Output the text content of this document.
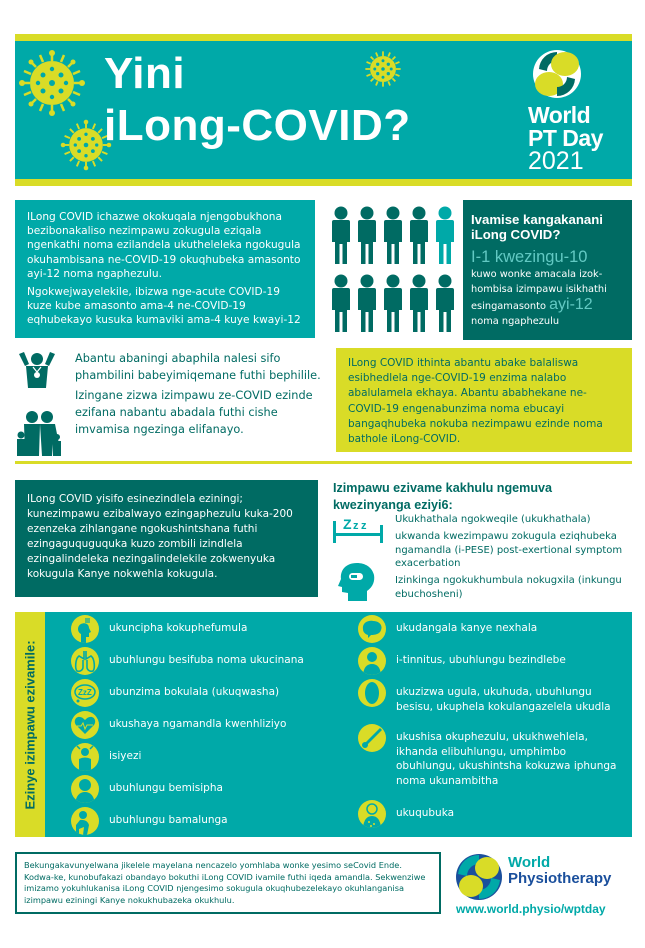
Yini
iLong-COVID?	World
PT Day
2021

ILong COVID ichazwe okokuqala njengobukhona bezibonakaliso nezimpawu zokugula eziqala ngenkathi noma ezilandela ukutheleleka ngokugula okuhambisana ne-COVID-19 okuqhubeka amasonto ayi-12 noma ngaphezulu.

Ngokwejwayelekile, ibizwa nge-acute COVID-19 kuze kube amasonto ama-4 ne-COVID-19 eqhubekayo kusuka kumaviki ama-4 kuye kwayi-12

Ivamise kangakanani iLong COVID?
I-1 kwezingu-10
kuwo wonke amacala izok-hombisa izimpawu isikhathi esingamasonto ayi-12
noma ngaphezulu

Abantu abaningi abaphila nalesi sifo phambilini babeyimiqemane futhi bephilile.

Izingane zizwa izimpawu ze-COVID ezinde ezifana nabantu abadala futhi cishe imvamisa ngezinga elifanayo.

ILong COVID ithinta abantu abake balaliswa esibhedlela nge-COVID-19 enzima nalabo abalulamela ekhaya. Abantu ababhekane ne-COVID-19 engenabunzima noma ebucayi bangaqhubeka nokuba nezimpawu ezinde noma bathole iLong-COVID.
ILong COVID yisifo esinezindlela eziningi; kunezimpawu ezibalwayo ezingaphezulu kuka-200 ezenzeka zihlangane ngokushintshana futhi ezingaguquguquka kuzo zombili izindlela ezingalindeleka nezingalindelekile zokwenyuka kokugula Kanye nokwehla kokugula.
Izimpawu ezivame kakhulu ngemuva kwezinyanga eziyi6:
Z z z
Ukukhathala ngokweqile (ukukhathala)
ukwanda kwezimpawu zokugula eziqhubeka ngamandla (i-PESE) post-exertional symptom exacerbation
Izinkinga ngokukhumbula nokugxila (inkungu ebuchosheni)
Ezinye izimpawu ezivamile:
ukuncipha kokuphefumula
ubuhlungu besifuba noma ukucinana
ZzZ ubunzima bokulala (ukuqwasha)
ukushaya ngamandla kwenhliziyo
isiyezi
ubuhlungu bemisipha
ubuhlungu bamalunga
ukudangala kanye nexhala
i-tinnitus, ubuhlungu bezindlebe
ukuzizwa ugula, ukuhuda, ubuhlungu besisu, ukuphela kokulangazelela ukudla
ukushisa okuphezulu, ukukhwehlela, ikhanda elibuhlungu, umphimbo obuhlungu, ukushintsha kokuzwa iphunga noma ukunambitha
ukuqubuka
Bekungakavunyelwana jikelele mayelana nencazelo yomhlaba wonke yesimo seCovid Ende. Kodwa-ke, kunobufakazi obandayo bokuthi iLong COVID ivamile futhi iqeda amandla. Sekwenziwe imizamo yokuhlukanisa iLong COVID njengesimo sokugula okuqhubezelekayo okuhlanganisa izimpawu eziningi Kanye nokukhubazeka okukhulu.
World
Physiotherapy
www.world.physio/wptday
